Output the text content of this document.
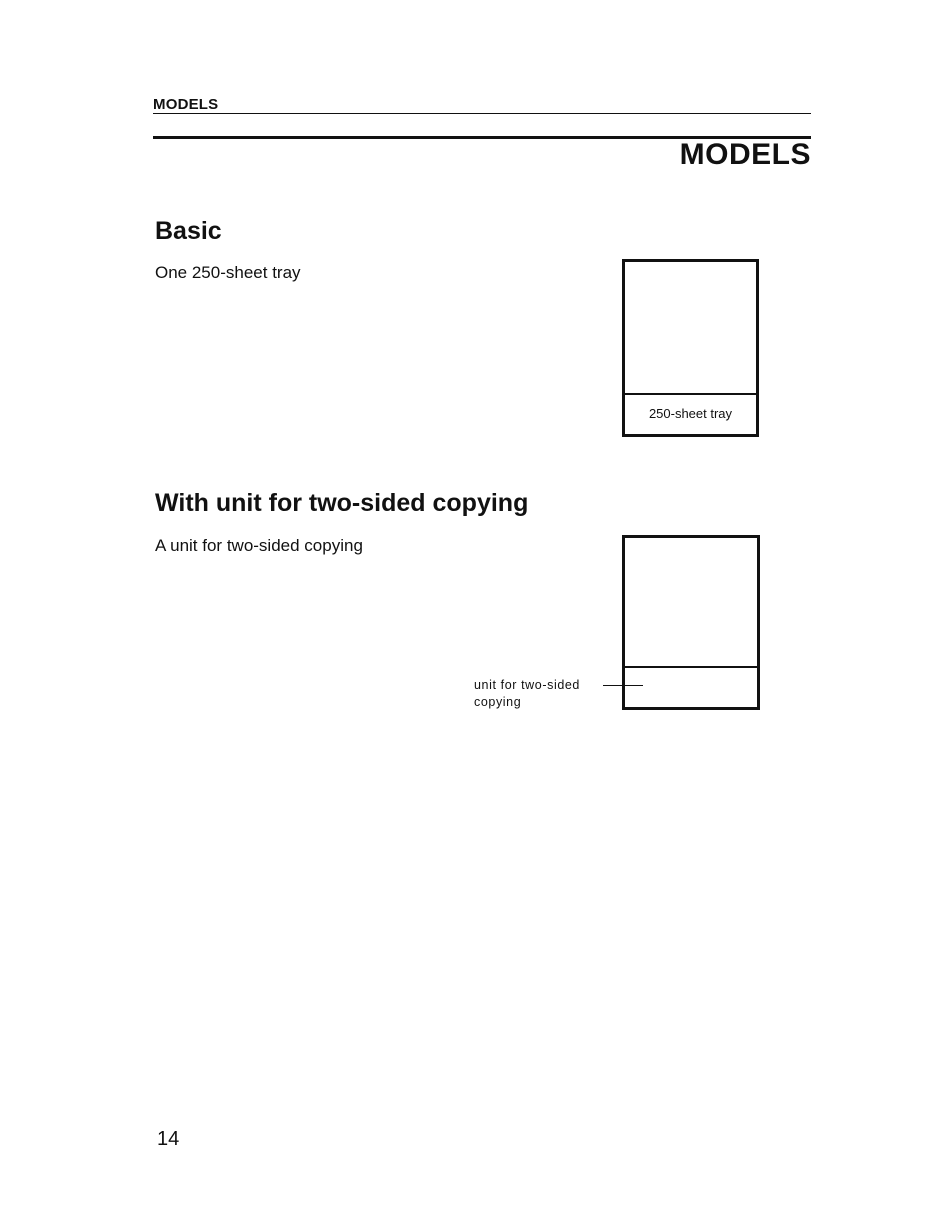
MODELS
MODELS
Basic
One 250-sheet tray
250-sheet tray
With unit for two-sided copying
A unit for two-sided copying
unit for two-sided
copying
14
